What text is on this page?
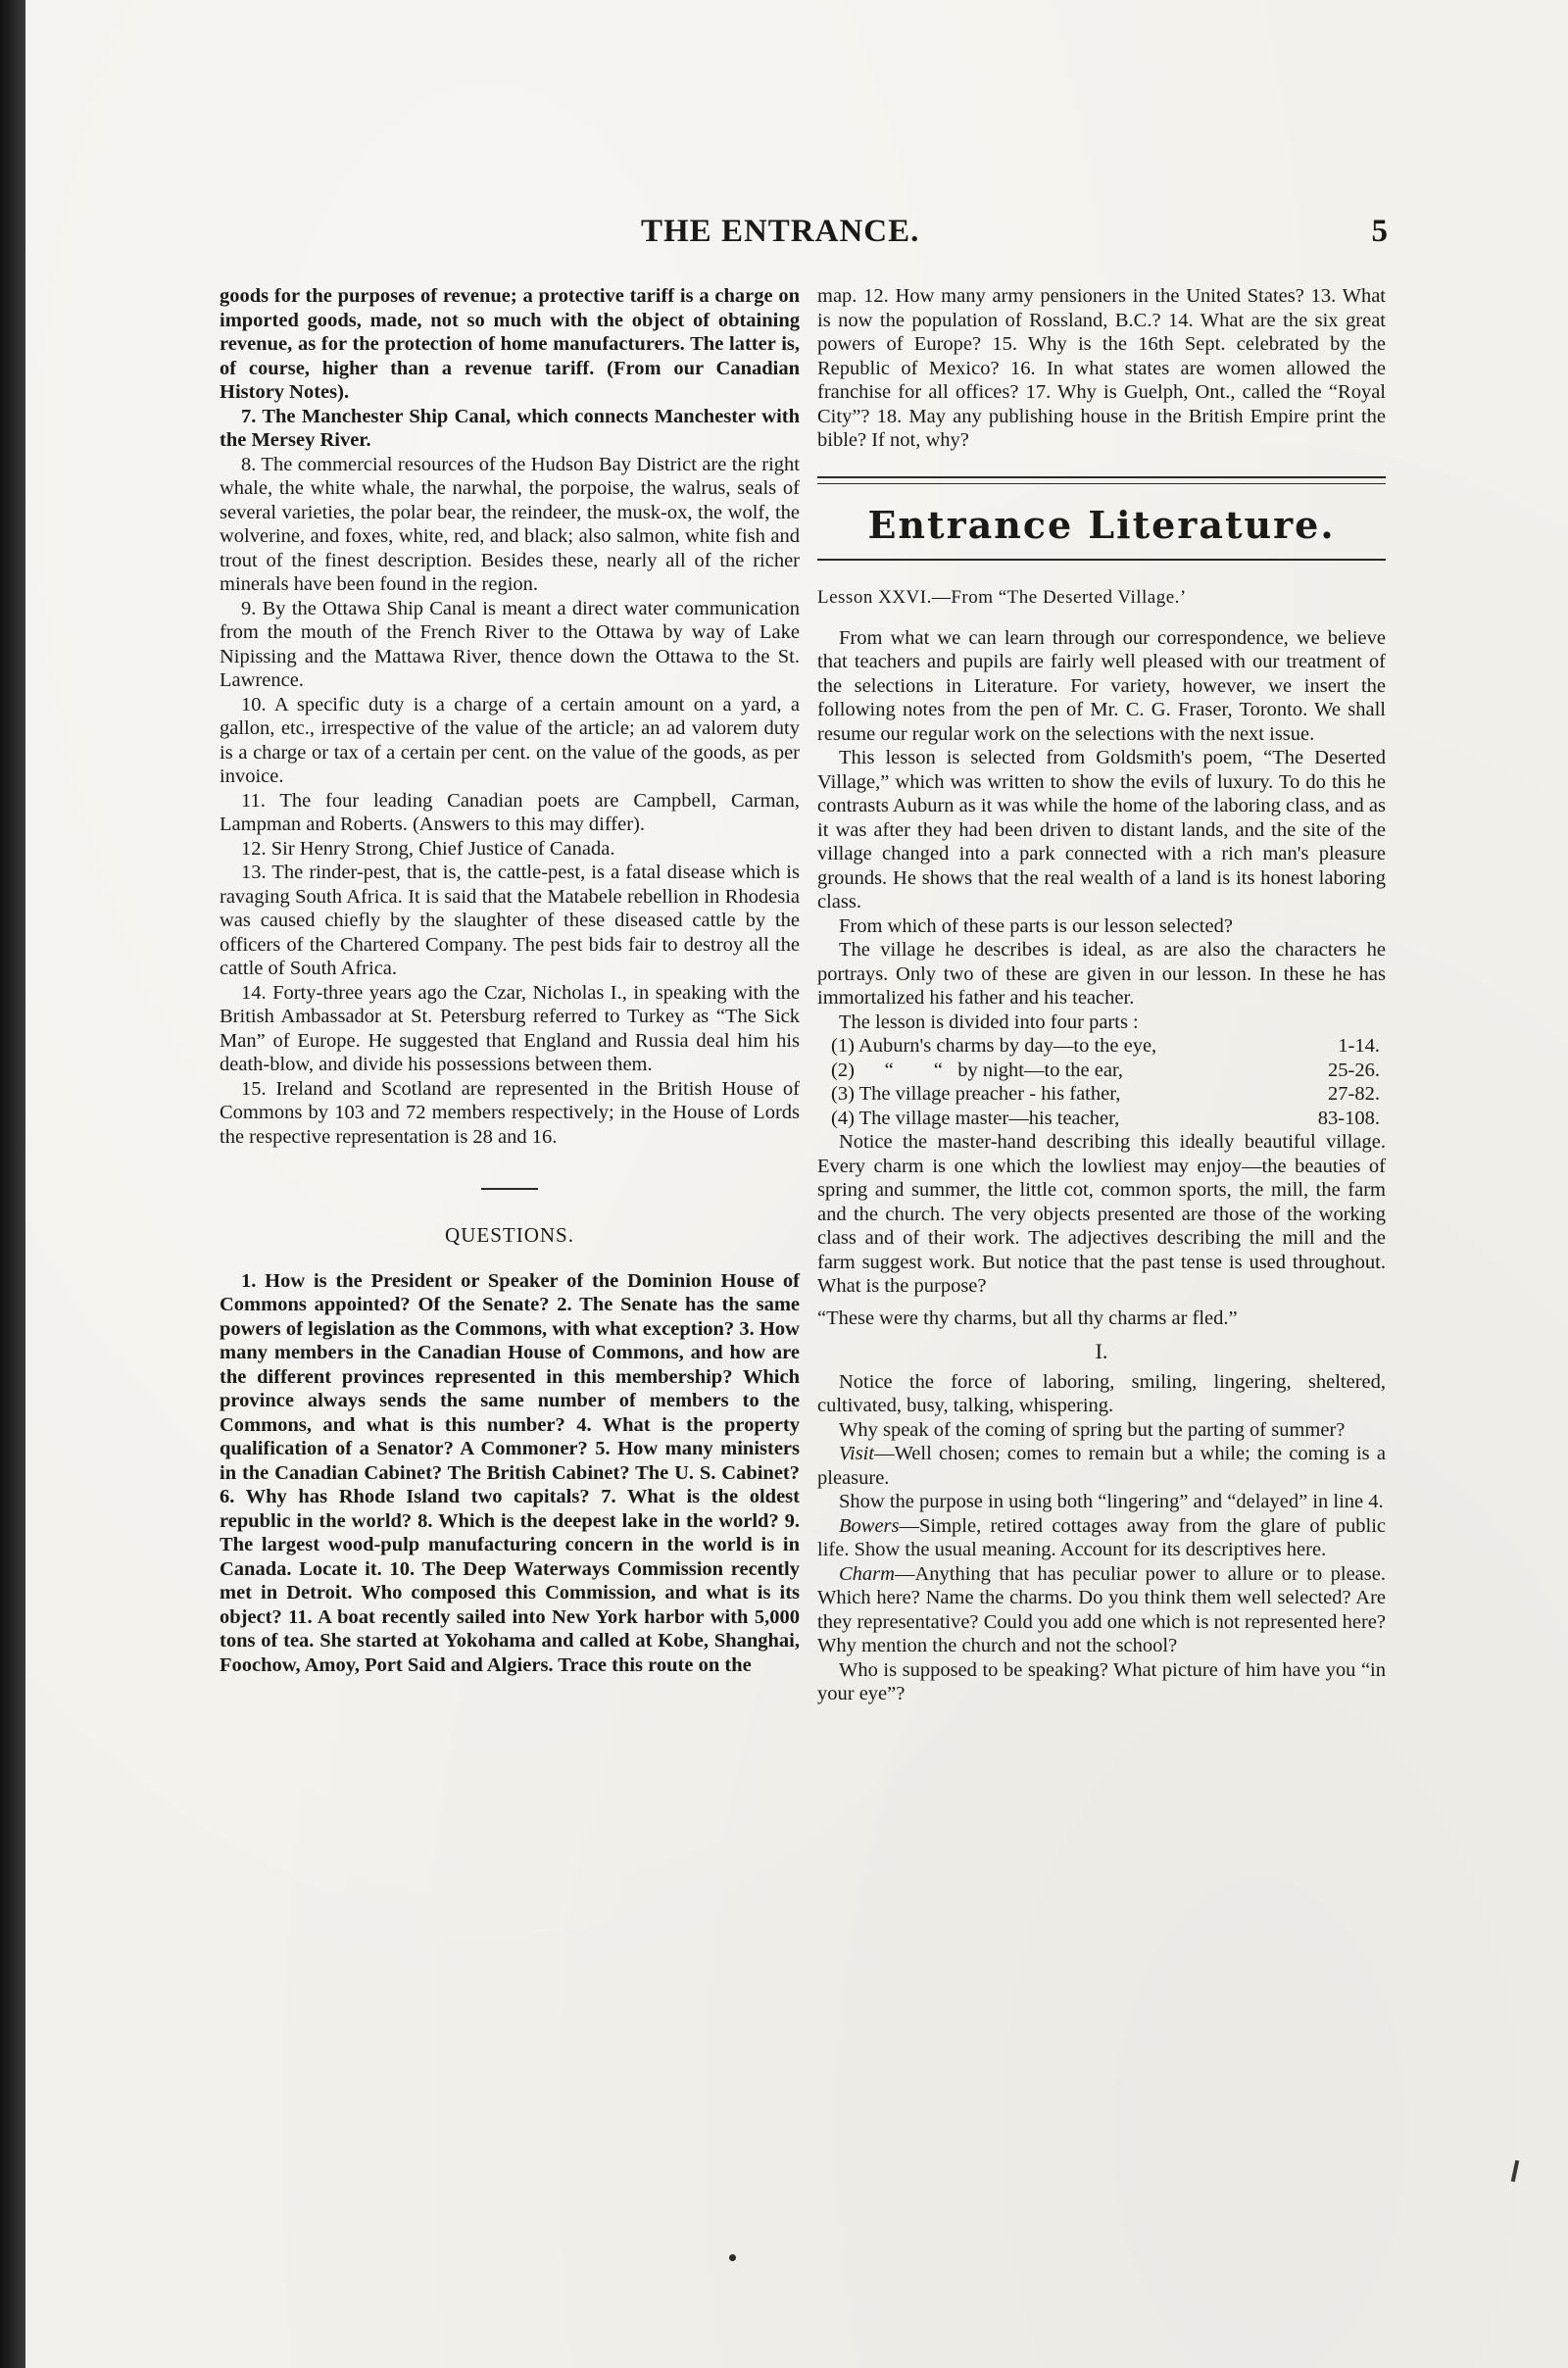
THE ENTRANCE.	5

goods for the purposes of revenue; a protective tariff is a charge on imported goods, made, not so much with the object of obtaining revenue, as for the protection of home manufacturers. The latter is, of course, higher than a revenue tariff. (From our Canadian History Notes).

7. The Manchester Ship Canal, which connects Manchester with the Mersey River.

8. The commercial resources of the Hudson Bay District are the right whale, the white whale, the narwhal, the porpoise, the walrus, seals of several varieties, the polar bear, the reindeer, the musk-ox, the wolf, the wolverine, and foxes, white, red, and black; also salmon, white fish and trout of the finest description. Besides these, nearly all of the richer minerals have been found in the region.

9. By the Ottawa Ship Canal is meant a direct water communication from the mouth of the French River to the Ottawa by way of Lake Nipissing and the Mattawa River, thence down the Ottawa to the St. Lawrence.

10. A specific duty is a charge of a certain amount on a yard, a gallon, etc., irrespective of the value of the article; an ad valorem duty is a charge or tax of a certain per cent. on the value of the goods, as per invoice.

11. The four leading Canadian poets are Campbell, Carman, Lampman and Roberts. (Answers to this may differ).

12. Sir Henry Strong, Chief Justice of Canada.

13. The rinder-pest, that is, the cattle-pest, is a fatal disease which is ravaging South Africa. It is said that the Matabele rebellion in Rhodesia was caused chiefly by the slaughter of these diseased cattle by the officers of the Chartered Company. The pest bids fair to destroy all the cattle of South Africa.

14. Forty-three years ago the Czar, Nicholas I., in speaking with the British Ambassador at St. Petersburg referred to Turkey as “The Sick Man” of Europe. He suggested that England and Russia deal him his death-blow, and divide his possessions between them.

15. Ireland and Scotland are represented in the British House of Commons by 103 and 72 members respectively; in the House of Lords the respective representation is 28 and 16.

QUESTIONS.

1. How is the President or Speaker of the Dominion House of Commons appointed? Of the Senate? 2. The Senate has the same powers of legislation as the Commons, with what exception? 3. How many members in the Canadian House of Commons, and how are the different provinces represented in this membership? Which province always sends the same number of members to the Commons, and what is this number? 4. What is the property qualification of a Senator? A Commoner? 5. How many ministers in the Canadian Cabinet? The British Cabinet? The U. S. Cabinet? 6. Why has Rhode Island two capitals? 7. What is the oldest republic in the world? 8. Which is the deepest lake in the world? 9. The largest wood-pulp manufacturing concern in the world is in Canada. Locate it. 10. The Deep Waterways Commission recently met in Detroit. Who composed this Commission, and what is its object? 11. A boat recently sailed into New York harbor with 5,000 tons of tea. She started at Yokohama and called at Kobe, Shanghai, Foochow, Amoy, Port Said and Algiers. Trace this route on the

map. 12. How many army pensioners in the United States? 13. What is now the population of Rossland, B.C.? 14. What are the six great powers of Europe? 15. Why is the 16th Sept. celebrated by the Republic of Mexico? 16. In what states are women allowed the franchise for all offices? 17. Why is Guelph, Ont., called the “Royal City”? 18. May any publishing house in the British Empire print the bible? If not, why?

Entrance Literature.
Lesson XXVI.—From “The Deserted Village.’

From what we can learn through our correspondence, we believe that teachers and pupils are fairly well pleased with our treatment of the selections in Literature. For variety, however, we insert the following notes from the pen of Mr. C. G. Fraser, Toronto. We shall resume our regular work on the selections with the next issue.

This lesson is selected from Goldsmith's poem, “The Deserted Village,” which was written to show the evils of luxury. To do this he contrasts Auburn as it was while the home of the laboring class, and as it was after they had been driven to distant lands, and the site of the village changed into a park connected with a rich man's pleasure grounds. He shows that the real wealth of a land is its honest laboring class.

From which of these parts is our lesson selected?

The village he describes is ideal, as are also the characters he portrays. Only two of these are given in our lesson. In these he has immortalized his father and his teacher.

The lesson is divided into four parts :

(1) Auburn's charms by day—to the eye,	1-14.
(2)      “        “   by night—to the ear,	25-26.
(3) The village preacher - his father,	27-82.
(4) The village master—his teacher,	83-108.

Notice the master-hand describing this ideally beautiful village. Every charm is one which the lowliest may enjoy—the beauties of spring and summer, the little cot, common sports, the mill, the farm and the church. The very objects presented are those of the working class and of their work. The adjectives describing the mill and the farm suggest work. But notice that the past tense is used throughout. What is the purpose?

“These were thy charms, but all thy charms ar fled.”

I.

Notice the force of laboring, smiling, lingering, sheltered, cultivated, busy, talking, whispering.

Why speak of the coming of spring but the parting of summer?

Visit—Well chosen; comes to remain but a while; the coming is a pleasure.

Show the purpose in using both “lingering” and “delayed” in line 4.

Bowers—Simple, retired cottages away from the glare of public life. Show the usual meaning. Account for its descriptives here.

Charm—Anything that has peculiar power to allure or to please. Which here? Name the charms. Do you think them well selected? Are they representative? Could you add one which is not represented here? Why mention the church and not the school?

Who is supposed to be speaking? What picture of him have you “in your eye”?
